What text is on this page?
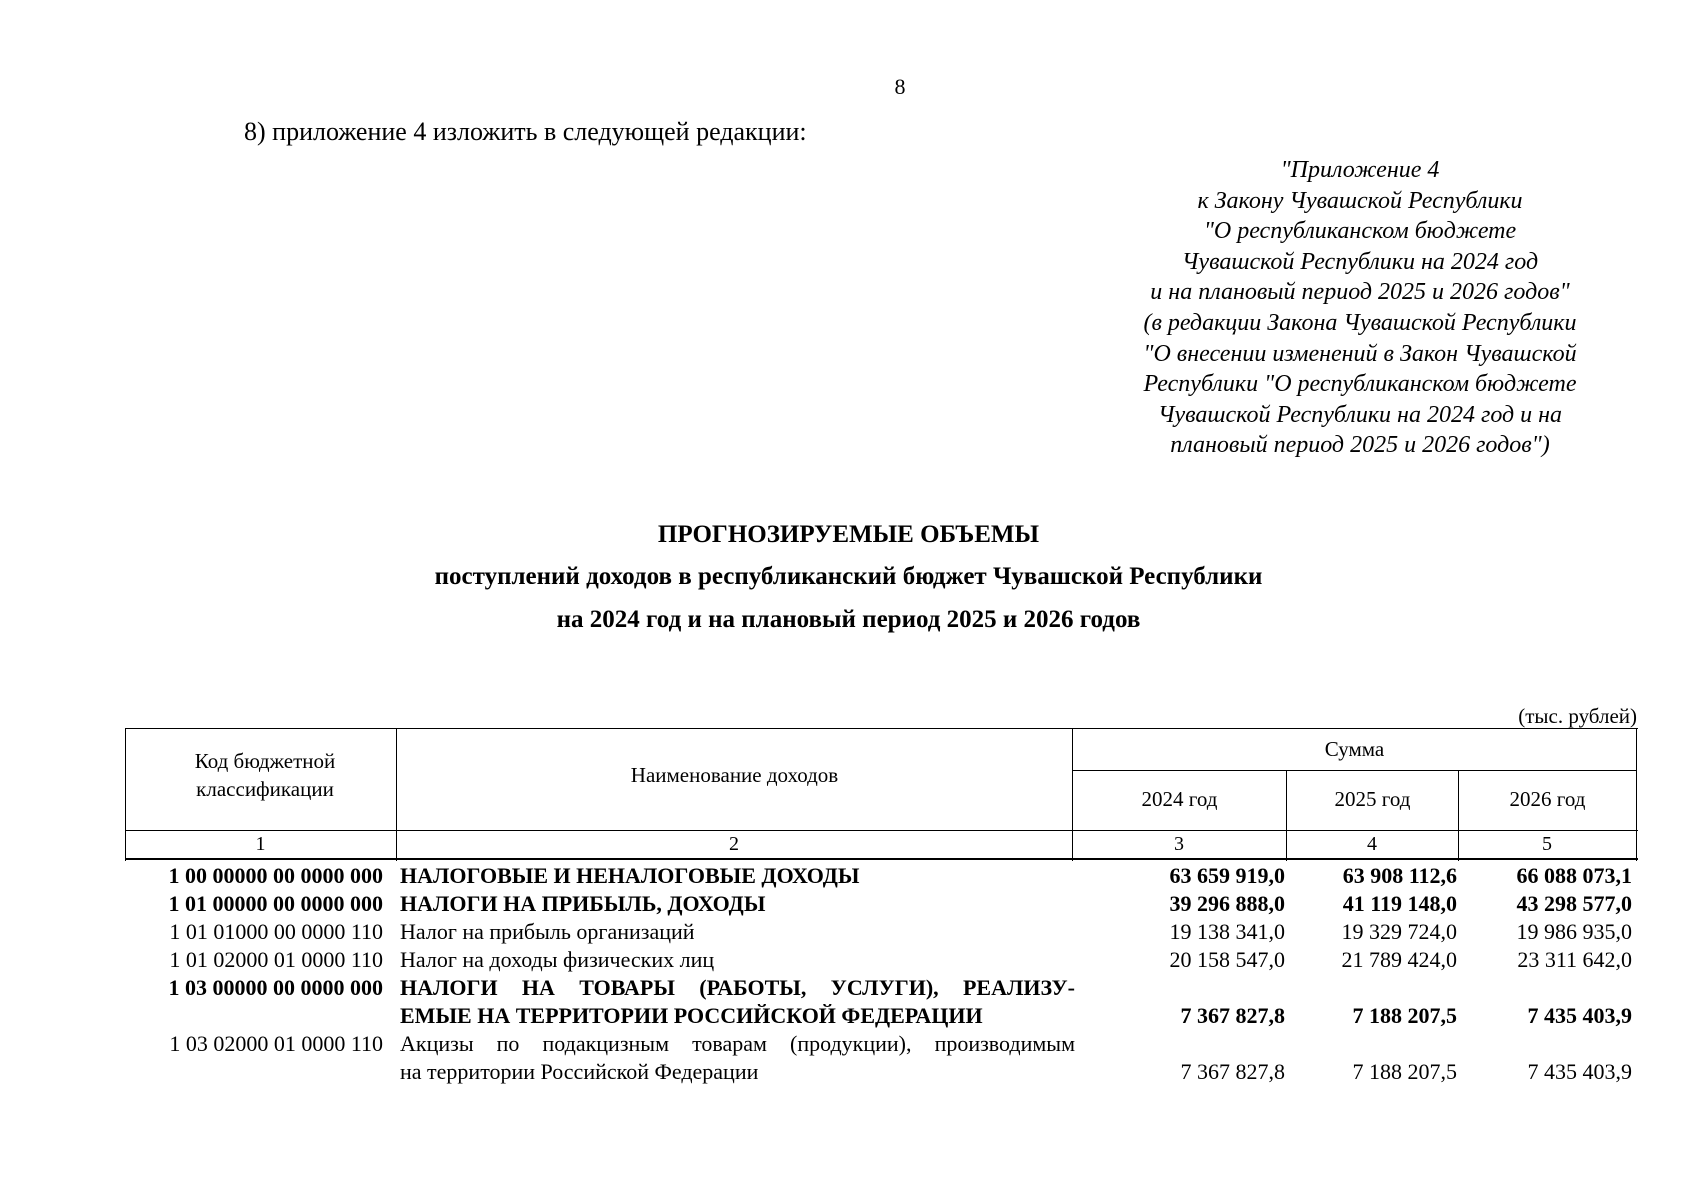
8
8) приложение 4 изложить в следующей редакции:
"Приложение 4
к Закону Чувашской Республики
"О республиканском бюджете
Чувашской Республики на 2024 год
и на плановый период 2025 и 2026 годов"
(в редакции Закона Чувашской Республики
"О внесении изменений в Закон Чувашской
Республики "О республиканском бюджете
Чувашской Республики на 2024 год и на
плановый период 2025 и 2026 годов")
ПРОГНОЗИРУЕМЫЕ ОБЪЕМЫ
поступлений доходов в республиканский бюджет Чувашской Республики
на 2024 год и на плановый период 2025 и 2026 годов
(тыс. рублей)
Код бюджетной классификации
Наименование доходов
Сумма
2024 год	2025 год	2026 год
1	2	3	4	5
1 00 00000 00 0000 000 НАЛОГОВЫЕ И НЕНАЛОГОВЫЕ ДОХОДЫ	63 659 919,0	63 908 112,6	66 088 073,1
1 01 00000 00 0000 000 НАЛОГИ НА ПРИБЫЛЬ, ДОХОДЫ	39 296 888,0	41 119 148,0	43 298 577,0
1 01 01000 00 0000 110 Налог на прибыль организаций	19 138 341,0	19 329 724,0	19 986 935,0
1 01 02000 01 0000 110 Налог на доходы физических лиц	20 158 547,0	21 789 424,0	23 311 642,0
1 03 00000 00 0000 000 НАЛОГИ НА ТОВАРЫ (РАБОТЫ, УСЛУГИ), РЕАЛИЗУ-
ЕМЫЕ НА ТЕРРИТОРИИ РОССИЙСКОЙ ФЕДЕРАЦИИ	7 367 827,8	7 188 207,5	7 435 403,9
1 03 02000 01 0000 110 Акцизы по подакцизным товарам (продукции), производимым
на территории Российской Федерации	7 367 827,8	7 188 207,5	7 435 403,9
